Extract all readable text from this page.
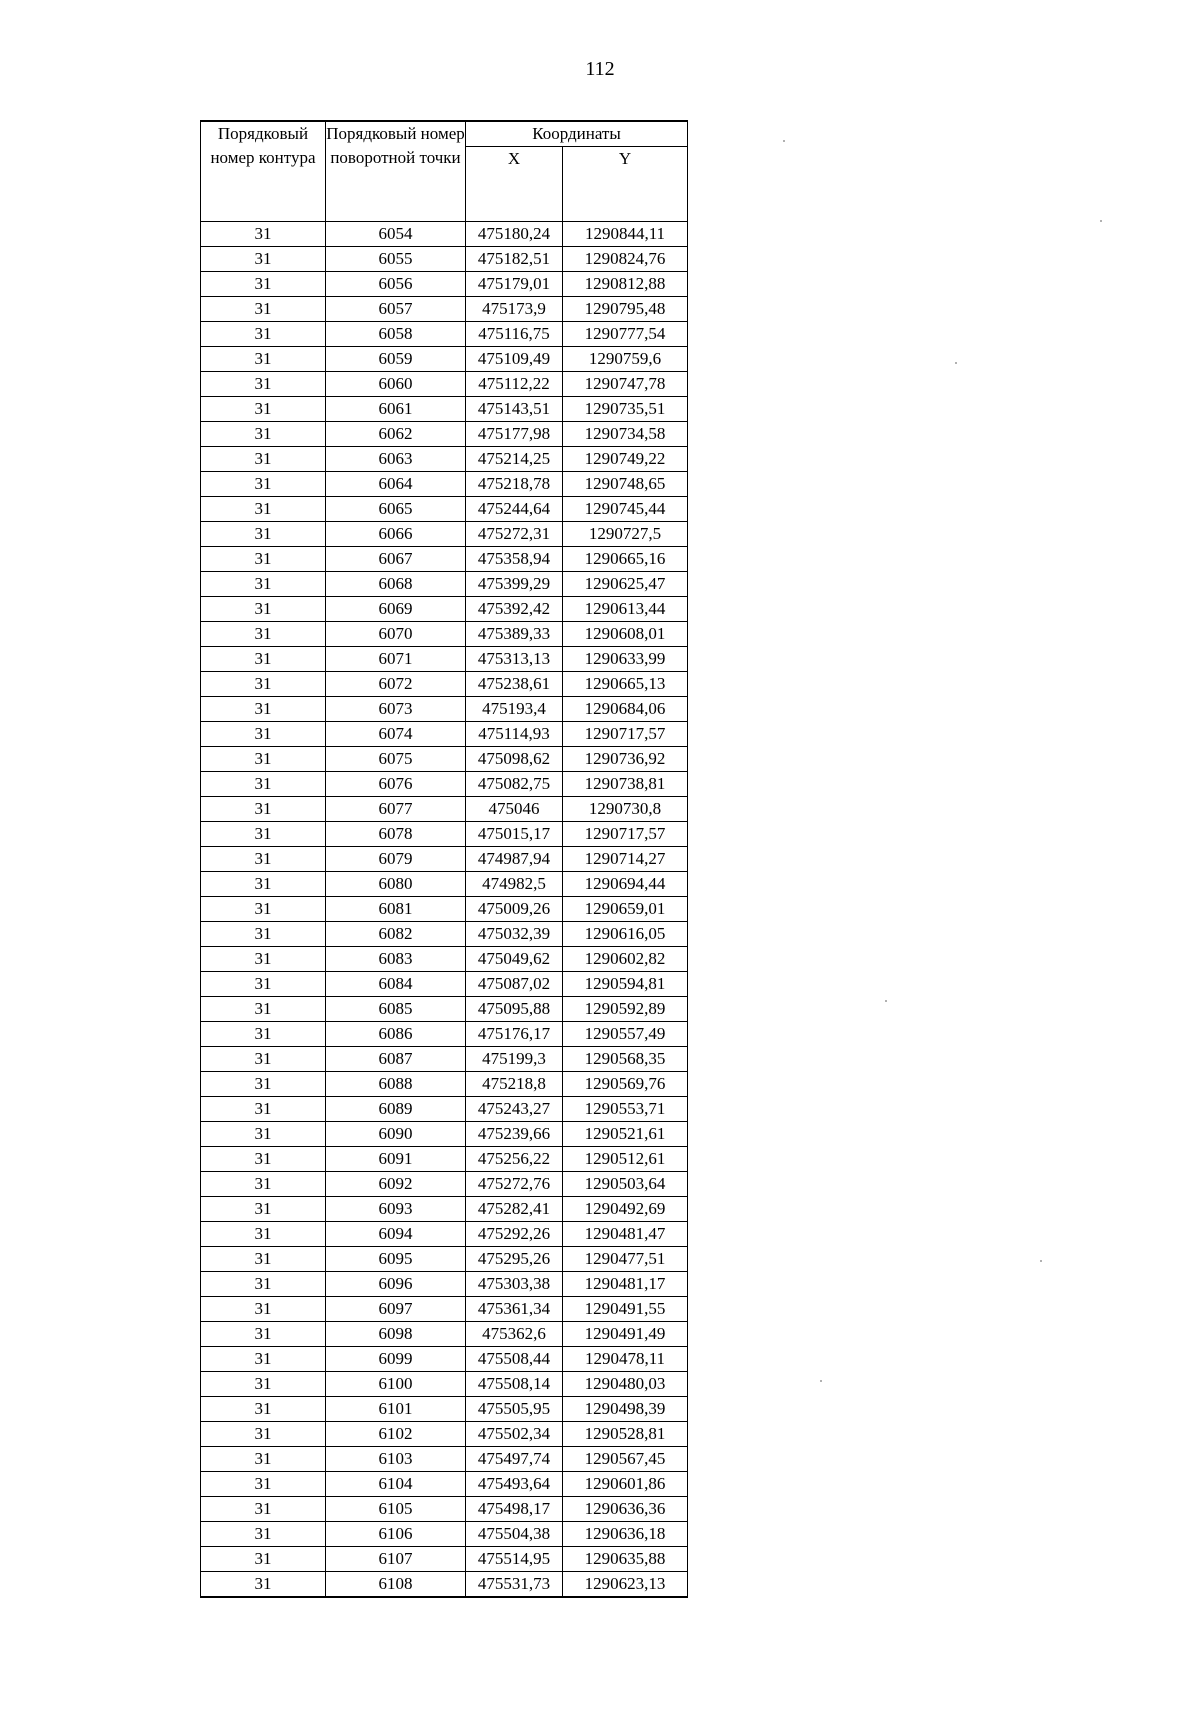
112
Порядковый номер контура	Порядковый номер поворотной точки	Координаты	
		X	Y
31	6054	475180,24	1290844,11
31	6055	475182,51	1290824,76
31	6056	475179,01	1290812,88
31	6057	475173,9	1290795,48
31	6058	475116,75	1290777,54
31	6059	475109,49	1290759,6
31	6060	475112,22	1290747,78
31	6061	475143,51	1290735,51
31	6062	475177,98	1290734,58
31	6063	475214,25	1290749,22
31	6064	475218,78	1290748,65
31	6065	475244,64	1290745,44
31	6066	475272,31	1290727,5
31	6067	475358,94	1290665,16
31	6068	475399,29	1290625,47
31	6069	475392,42	1290613,44
31	6070	475389,33	1290608,01
31	6071	475313,13	1290633,99
31	6072	475238,61	1290665,13
31	6073	475193,4	1290684,06
31	6074	475114,93	1290717,57
31	6075	475098,62	1290736,92
31	6076	475082,75	1290738,81
31	6077	475046	1290730,8
31	6078	475015,17	1290717,57
31	6079	474987,94	1290714,27
31	6080	474982,5	1290694,44
31	6081	475009,26	1290659,01
31	6082	475032,39	1290616,05
31	6083	475049,62	1290602,82
31	6084	475087,02	1290594,81
31	6085	475095,88	1290592,89
31	6086	475176,17	1290557,49
31	6087	475199,3	1290568,35
31	6088	475218,8	1290569,76
31	6089	475243,27	1290553,71
31	6090	475239,66	1290521,61
31	6091	475256,22	1290512,61
31	6092	475272,76	1290503,64
31	6093	475282,41	1290492,69
31	6094	475292,26	1290481,47
31	6095	475295,26	1290477,51
31	6096	475303,38	1290481,17
31	6097	475361,34	1290491,55
31	6098	475362,6	1290491,49
31	6099	475508,44	1290478,11
31	6100	475508,14	1290480,03
31	6101	475505,95	1290498,39
31	6102	475502,34	1290528,81
31	6103	475497,74	1290567,45
31	6104	475493,64	1290601,86
31	6105	475498,17	1290636,36
31	6106	475504,38	1290636,18
31	6107	475514,95	1290635,88
31	6108	475531,73	1290623,13
